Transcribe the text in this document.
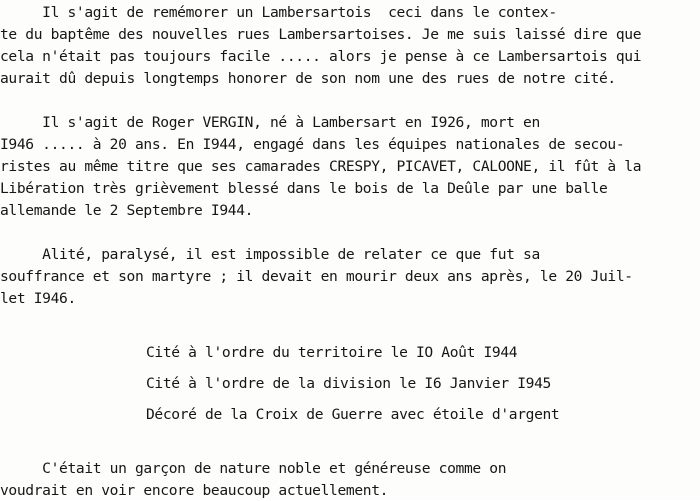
Il s'agit de remémorer un Lambersartois  ceci dans le contex-
te du baptême des nouvelles rues Lambersartoises. Je me suis laissé dire que
cela n'était pas toujours facile ..... alors je pense à ce Lambersartois qui
aurait dû depuis longtemps honorer de son nom une des rues de notre cité.
Il s'agit de Roger VERGIN, né à Lambersart en I926, mort en
I946 ..... à 20 ans. En I944, engagé dans les équipes nationales de secou-
ristes au même titre que ses camarades CRESPY, PICAVET, CALOONE, il fût à la
Libération très grièvement blessé dans le bois de la Deûle par une balle
allemande le 2 Septembre I944.
Alité, paralysé, il est impossible de relater ce que fut sa
souffrance et son martyre ; il devait en mourir deux ans après, le 20 Juil-
let I946.
Cité à l'ordre du territoire le IO Août I944
Cité à l'ordre de la division le I6 Janvier I945
Décoré de la Croix de Guerre avec étoile d'argent
C'était un garçon de nature noble et généreuse comme on
voudrait en voir encore beaucoup actuellement.
